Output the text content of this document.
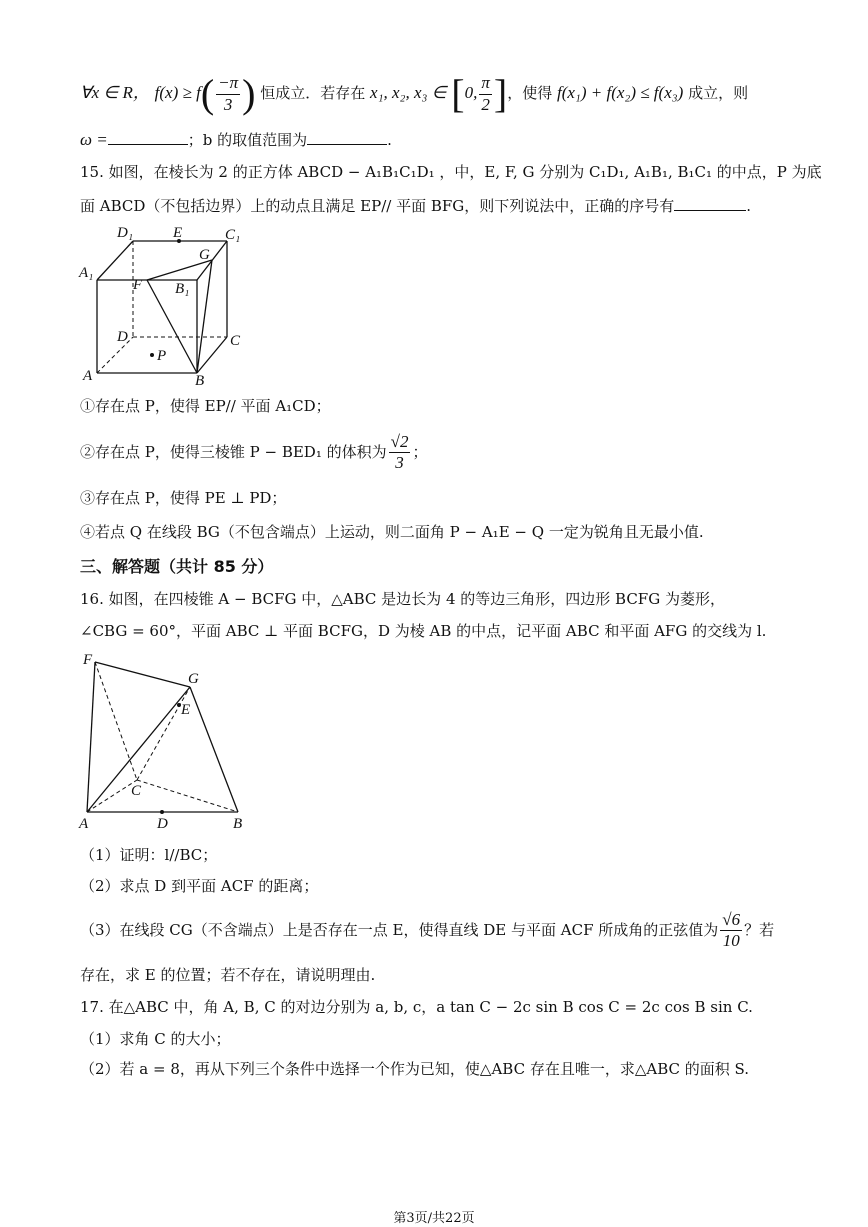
∀x ∈ R， $f(x) \ge f( \frac{-\pi}{3}$ ) 恒成立．若存在 x₁, x₂, x₃ ∈ [0, $\frac{\pi}{2}$ ]，使得 f(x₁) + f(x₂) ≤ f(x₃) 成立，则
ω =	；b 的取值范围为	.
15. 如图，在棱长为 2 的正方体 ABCD − A₁B₁C₁D₁ ，中，E, F, G 分别为 C₁D₁, A₁B₁, B₁C₁ 的中点，P 为底
面 ABCD（不包括边界）上的动点且满足 EP// 平面 BFG，则下列说法中，正确的序号有	.
D₁	E	C₁
G
A₁
F B₁
D	C
P
A	B
①存在点 P，使得 EP// 平面 A₁CD；
②存在点 P，使得三棱锥 P − BED₁ 的体积为 $\frac{√2}{3}$ ；
③存在点 P，使得 PE ⊥ PD；
④若点 Q 在线段 BG（不包含端点）上运动，则二面角 P − A₁E − Q 一定为锐角且无最小值.
三、解答题（共计 85 分）
16. 如图，在四棱锥 A − BCFG 中，△ABC 是边长为 4 的等边三角形，四边形 BCFG 为菱形，
∠CBG = 60°，平面 ABC ⊥ 平面 BCFG，D 为棱 AB 的中点，记平面 ABC 和平面 AFG 的交线为 l.
F
G
E
C
A	D	B
（1）证明：l//BC；
（2）求点 D 到平面 ACF 的距离；
（3）在线段 CG（不含端点）上是否存在一点 E，使得直线 DE 与平面 ACF 所成角的正弦值为 $\frac{√6}{10}$ ？若
存在，求 E 的位置；若不存在，请说明理由.
17. 在△ABC 中，角 A, B, C 的对边分别为 a, b, c，a tan C − 2c sin B cos C = 2c cos B sin C.
（1）求角 C 的大小；
（2）若 a = 8，再从下列三个条件中选择一个作为已知，使△ABC 存在且唯一，求△ABC 的面积 S.
第3页/共22页
